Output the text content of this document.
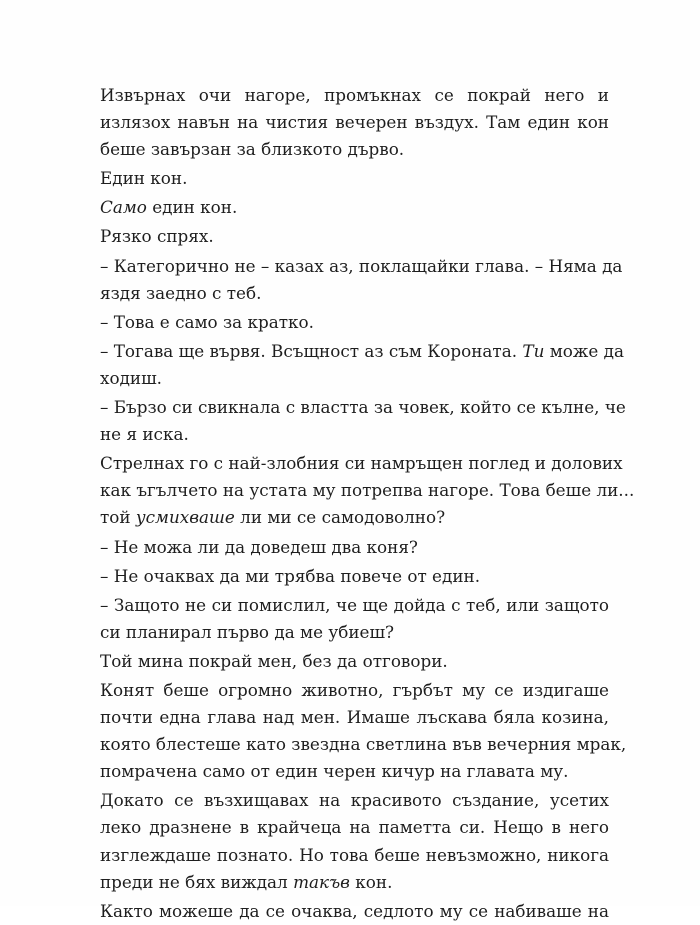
Извърнах очи нагоре, промъкнах се покрай него и
излязох навън на чистия вечерен въздух. Там един кон
беше завързан за близкото дърво.
Един кон.
Само един кон.
Рязко спрях.
– Категорично не – казах аз, поклащайки глава. – Няма да
яздя заедно с теб.
– Това е само за кратко.
– Тогава ще вървя. Всъщност аз съм Короната. Ти може да
ходиш.
– Бързо си свикнала с властта за човек, който се кълне, че
не я иска.
Стрелнах го с най-злобния си намръщен поглед и долових
как ъгълчето на устата му потрепва нагоре. Това беше ли...
той усмихваше ли ми се самодоволно?
– Не можа ли да доведеш два коня?
– Не очаквах да ми трябва повече от един.
– Защото не си помислил, че ще дойда с теб, или защото
си планирал първо да ме убиеш?
Той мина покрай мен, без да отговори.
Конят беше огромно животно, гърбът му се издигаше
почти една глава над мен. Имаше лъскава бяла козина,
която блестеше като звездна светлина във вечерния мрак,
помрачена само от един черен кичур на главата му.
Докато се възхищавах на красивото създание, усетих
леко дразнене в крайчеца на паметта си. Нещо в него
изглеждаше познато. Но това беше невъзможно, никога
преди не бях виждал такъв кон.
Както можеше да се очаква, седлото му се набиваше на
